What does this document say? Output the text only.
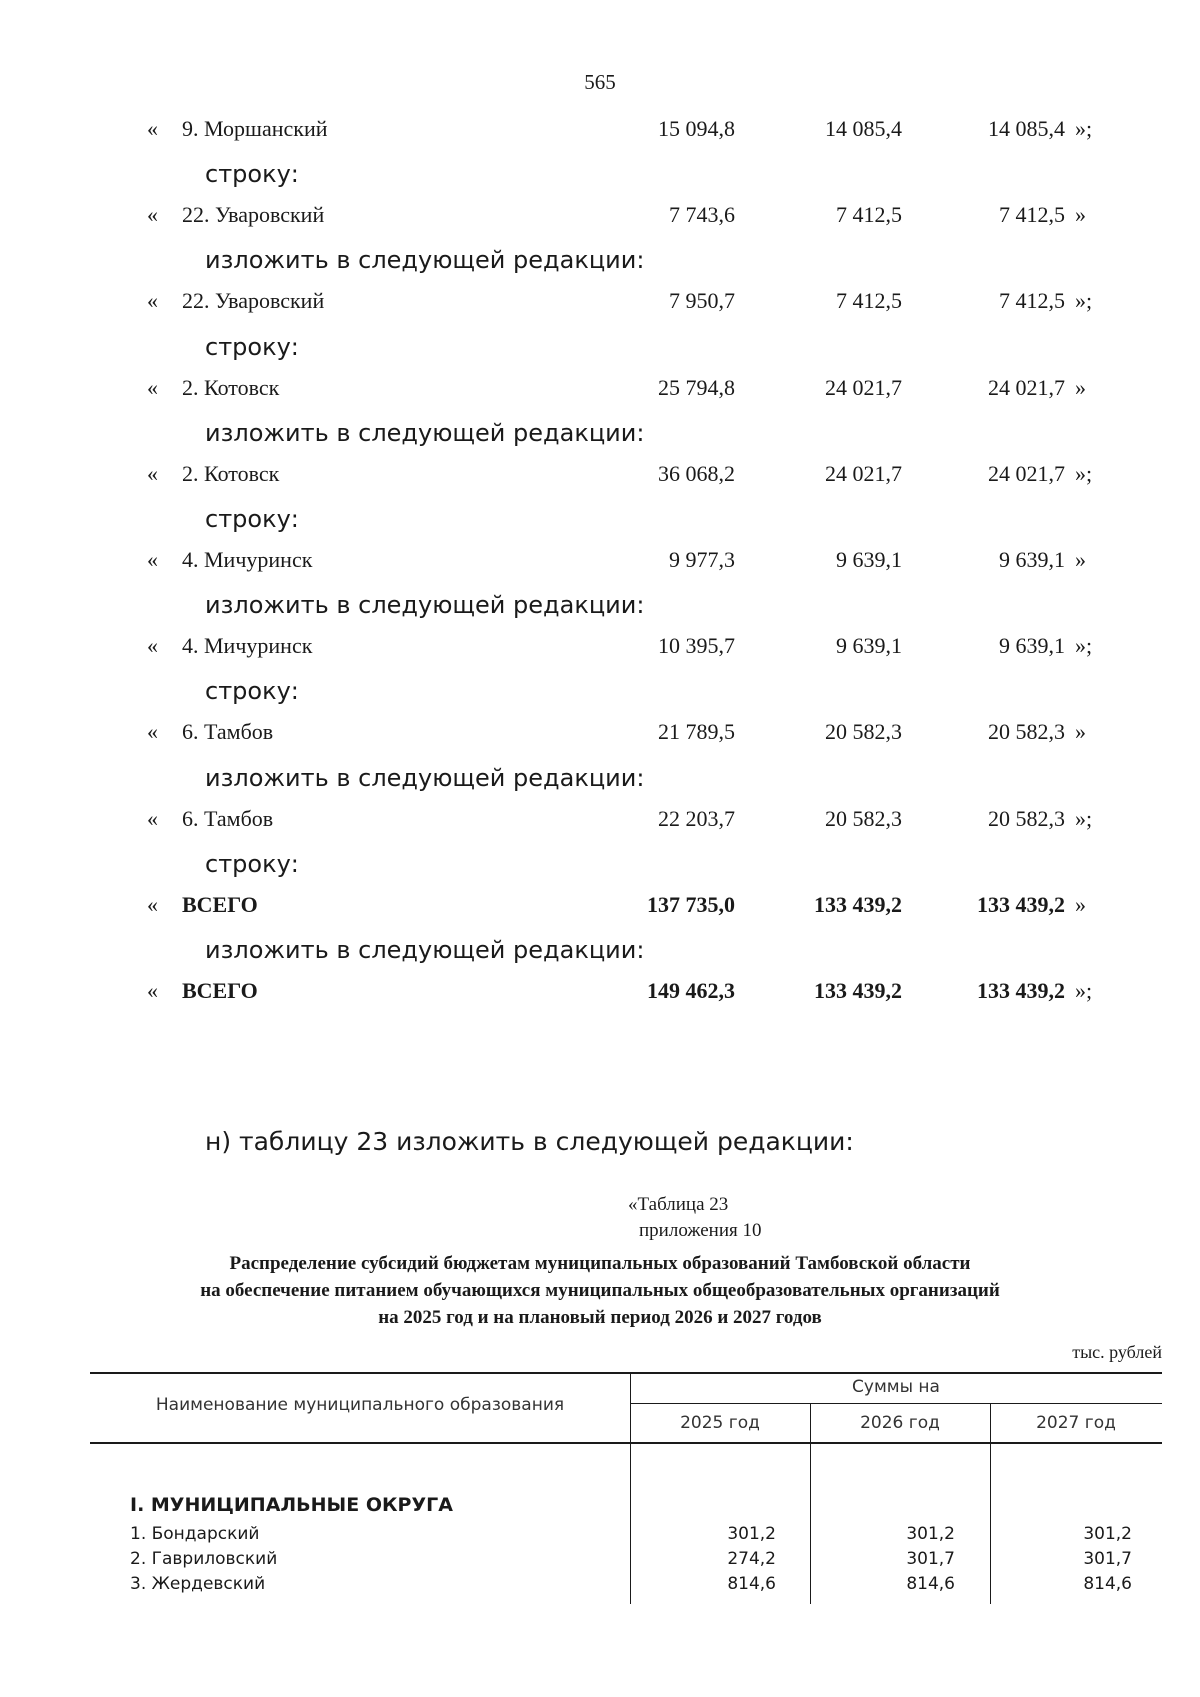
565
« 9. Моршанский	15 094,8	14 085,4	14 085,4 »;
строку:
« 22. Уваровский	7 743,6	7 412,5	7 412,5 »
изложить в следующей редакции:
« 22. Уваровский	7 950,7	7 412,5	7 412,5 »;
строку:
« 2. Котовск	25 794,8	24 021,7	24 021,7 »
изложить в следующей редакции:
« 2. Котовск	36 068,2	24 021,7	24 021,7 »;
строку:
« 4. Мичуринск	9 977,3	9 639,1	9 639,1 »
изложить в следующей редакции:
« 4. Мичуринск	10 395,7	9 639,1	9 639,1 »;
строку:
« 6. Тамбов	21 789,5	20 582,3	20 582,3 »
изложить в следующей редакции:
« 6. Тамбов	22 203,7	20 582,3	20 582,3 »;
строку:
« ВСЕГО	137 735,0	133 439,2	133 439,2 »
изложить в следующей редакции:
« ВСЕГО	149 462,3	133 439,2	133 439,2 »;
н) таблицу 23 изложить в следующей редакции:
«Таблица 23
приложения 10
Распределение субсидий бюджетам муниципальных образований Тамбовской области
на обеспечение питанием обучающихся муниципальных общеобразовательных организаций
на 2025 год и на плановый период 2026 и 2027 годов
тыс. рублей
Наименование муниципального образования
Суммы на
2025 год	2026 год	2027 год
I. МУНИЦИПАЛЬНЫЕ ОКРУГА
1. Бондарский	301,2	301,2	301,2
2. Гавриловский	274,2	301,7	301,7
3. Жердевский	814,6	814,6	814,6
